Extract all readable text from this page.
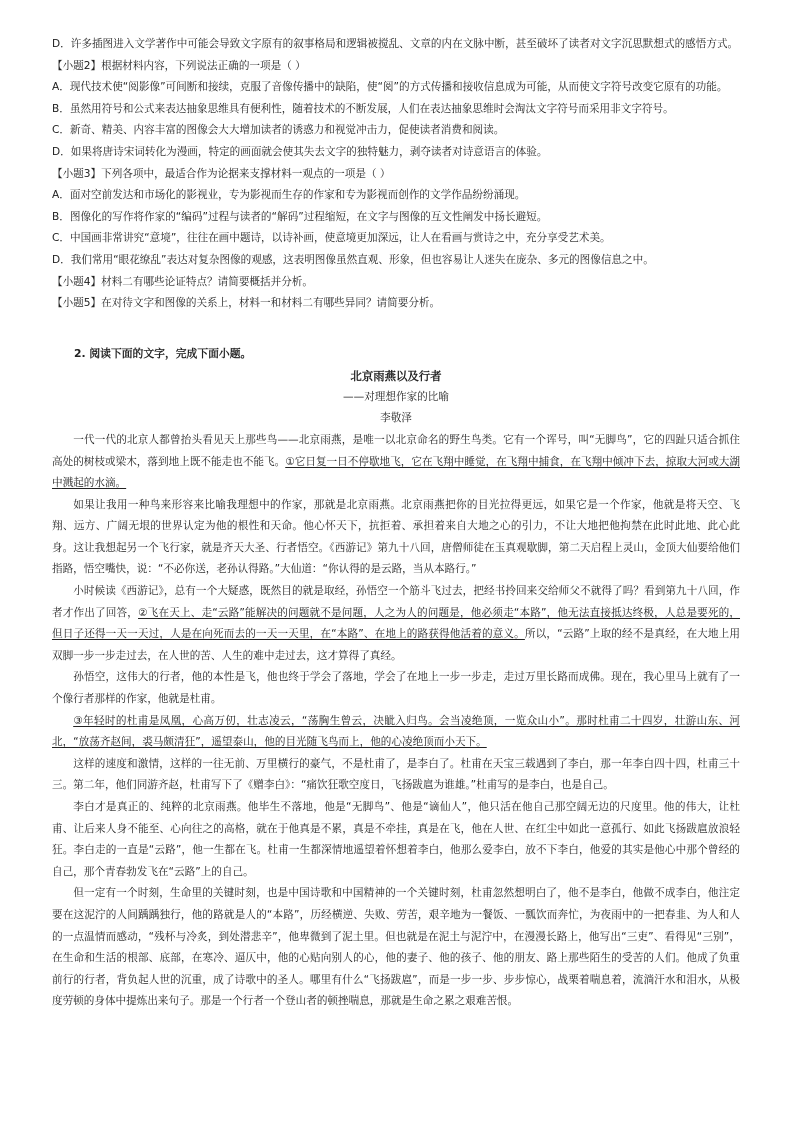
D．许多插图进入文学著作中可能会导致文字原有的叙事格局和逻辑被搅乱、文章的内在文脉中断，甚至破坏了读者对文字沉思默想式的感悟方式。

【小题2】根据材料内容，下列说法正确的一项是（ ）

A．现代技术使“阅影像”可间断和接续，克服了音像传播中的缺陷，使“阅”的方式传播和接收信息成为可能，从而使文字符号改变它原有的功能。

B．虽然用符号和公式来表达抽象思维具有便利性，随着技术的不断发展，人们在表达抽象思维时会淘汰文字符号而采用非文字符号。

C．新奇、精美、内容丰富的图像会大大增加读者的诱惑力和视觉冲击力，促使读者消费和阅读。

D．如果将唐诗宋词转化为漫画，特定的画面就会使其失去文字的独特魅力，剥夺读者对诗意语言的体验。

【小题3】下列各项中，最适合作为论据来支撑材料一观点的一项是（ ）

A．面对空前发达和市场化的影视业，专为影视而生存的作家和专为影视而创作的文学作品纷纷涌现。

B．图像化的写作将作家的“编码”过程与读者的“解码”过程缩短，在文字与图像的互文性阐发中扬长避短。

C．中国画非常讲究“意境”，往往在画中题诗，以诗补画，使意境更加深远，让人在看画与赏诗之中，充分享受艺术美。

D．我们常用“眼花缭乱”表达对复杂图像的观感，这表明图像虽然直观、形象，但也容易让人迷失在庞杂、多元的图像信息之中。

【小题4】材料二有哪些论证特点？请简要概括并分析。

【小题5】在对待文字和图像的关系上，材料一和材料二有哪些异同？请简要分析。

2. 阅读下面的文字，完成下面小题。

北京雨燕以及行者

——对理想作家的比喻

李敬泽

一代一代的北京人都曾抬头看见天上那些鸟——北京雨燕，是唯一以北京命名的野生鸟类。它有一个诨号，叫“无脚鸟”，它的四趾只适合抓住高处的树枝或梁木，落到地上既不能走也不能飞。①它日复一日不停歇地飞，它在飞翔中睡觉，在飞翔中捕食，在飞翔中倾冲下去，掠取大河或大湖中溅起的水滴。

如果让我用一种鸟来形容来比喻我理想中的作家，那就是北京雨燕。北京雨燕把你的目光拉得更远，如果它是一个作家，他就是将天空、飞翔、远方、广阔无垠的世界认定为他的根性和天命。他心怀天下，抗拒着、承担着来自大地之心的引力，不让大地把他拘禁在此时此地、此心此身。这让我想起另一个飞行家，就是齐天大圣、行者悟空。《西游记》第九十八回，唐僧师徒在玉真观歇脚，第二天启程上灵山，金顶大仙要给他们指路，悟空嘴快，说：“不必你送，老孙认得路。”大仙道：“你认得的是云路，当从本路行。”

小时候读《西游记》，总有一个大疑惑，既然目的就是取经，孙悟空一个筋斗飞过去，把经书拎回来交给师父不就得了吗？看到第九十八回，作者才作出了回答，②飞在天上、走“云路”能解决的问题就不是问题，人之为人的问题是，他必须走“本路”，他无法直接抵达终极，人总是要死的，但日子还得一天一天过，人是在向死而去的一天一天里，在“本路”、在地上的路获得他活着的意义。所以，“云路”上取的经不是真经，在大地上用双脚一步一步走过去，在人世的苦、人生的难中走过去，这才算得了真经。

孙悟空，这伟大的行者，他的本性是飞，他也终于学会了落地，学会了在地上一步一步走，走过万里长路而成佛。现在，我心里马上就有了一个像行者那样的作家，他就是杜甫。

③年轻时的杜甫是凤凰，心高万仞，壮志凌云，“荡胸生曾云，决眦入归鸟。会当凌绝顶，一览众山小”。那时杜甫二十四岁，壮游山东、河北，“放荡齐赵间，裘马颇清狂”，遥望泰山，他的目光随飞鸟而上，他的心凌绝顶而小天下。

这样的速度和激情，这样的一往无前、万里横行的豪气，不是杜甫了，是李白了。杜甫在天宝三载遇到了李白，那一年李白四十四，杜甫三十三。第二年，他们同游齐赵，杜甫写下了《赠李白》：“痛饮狂歌空度日，飞扬跋扈为谁雄。”杜甫写的是李白，也是自己。

李白才是真正的、纯粹的北京雨燕。他毕生不落地，他是“无脚鸟”、他是“谪仙人”，他只活在他自己那空阔无边的尺度里。他的伟大，让杜甫、让后来人身不能至、心向往之的高格，就在于他真是不累，真是不牵挂，真是在飞，他在人世、在红尘中如此一意孤行、如此飞扬跋扈放浪轻狂。李白走的一直是“云路”，他一生都在飞。杜甫一生都深情地遥望着怀想着李白，他那么爱李白，放不下李白，他爱的其实是他心中那个曾经的自己，那个青春勃发飞在“云路”上的自己。

但一定有一个时刻，生命里的关键时刻，也是中国诗歌和中国精神的一个关键时刻，杜甫忽然想明白了，他不是李白，他做不成李白，他注定要在这泥泞的人间踽踽独行，他的路就是人的“本路”，历经横逆、失败、劳苦，艰辛地为一餐饭、一瓢饮而奔忙，为夜雨中的一把春韭、为人和人的一点温情而感动，“残杯与冷炙，到处潜悲辛”，他卑微到了泥土里。但也就是在泥土与泥泞中，在漫漫长路上，他写出“三吏”、看得见“三别”，在生命和生活的根部、底部，在寒冷、逼仄中，他的心贴向别人的心，他的妻子、他的孩子、他的朋友、路上那些陌生的受苦的人们。他成了负重前行的行者，背负起人世的沉重，成了诗歌中的圣人。哪里有什么“飞扬跋扈”，而是一步一步、步步惊心，战栗着喘息着，流淌汗水和泪水，从极度劳顿的身体中提炼出来句子。那是一个行者一个登山者的顿挫喘息，那就是生命之累之艰难苦恨。
